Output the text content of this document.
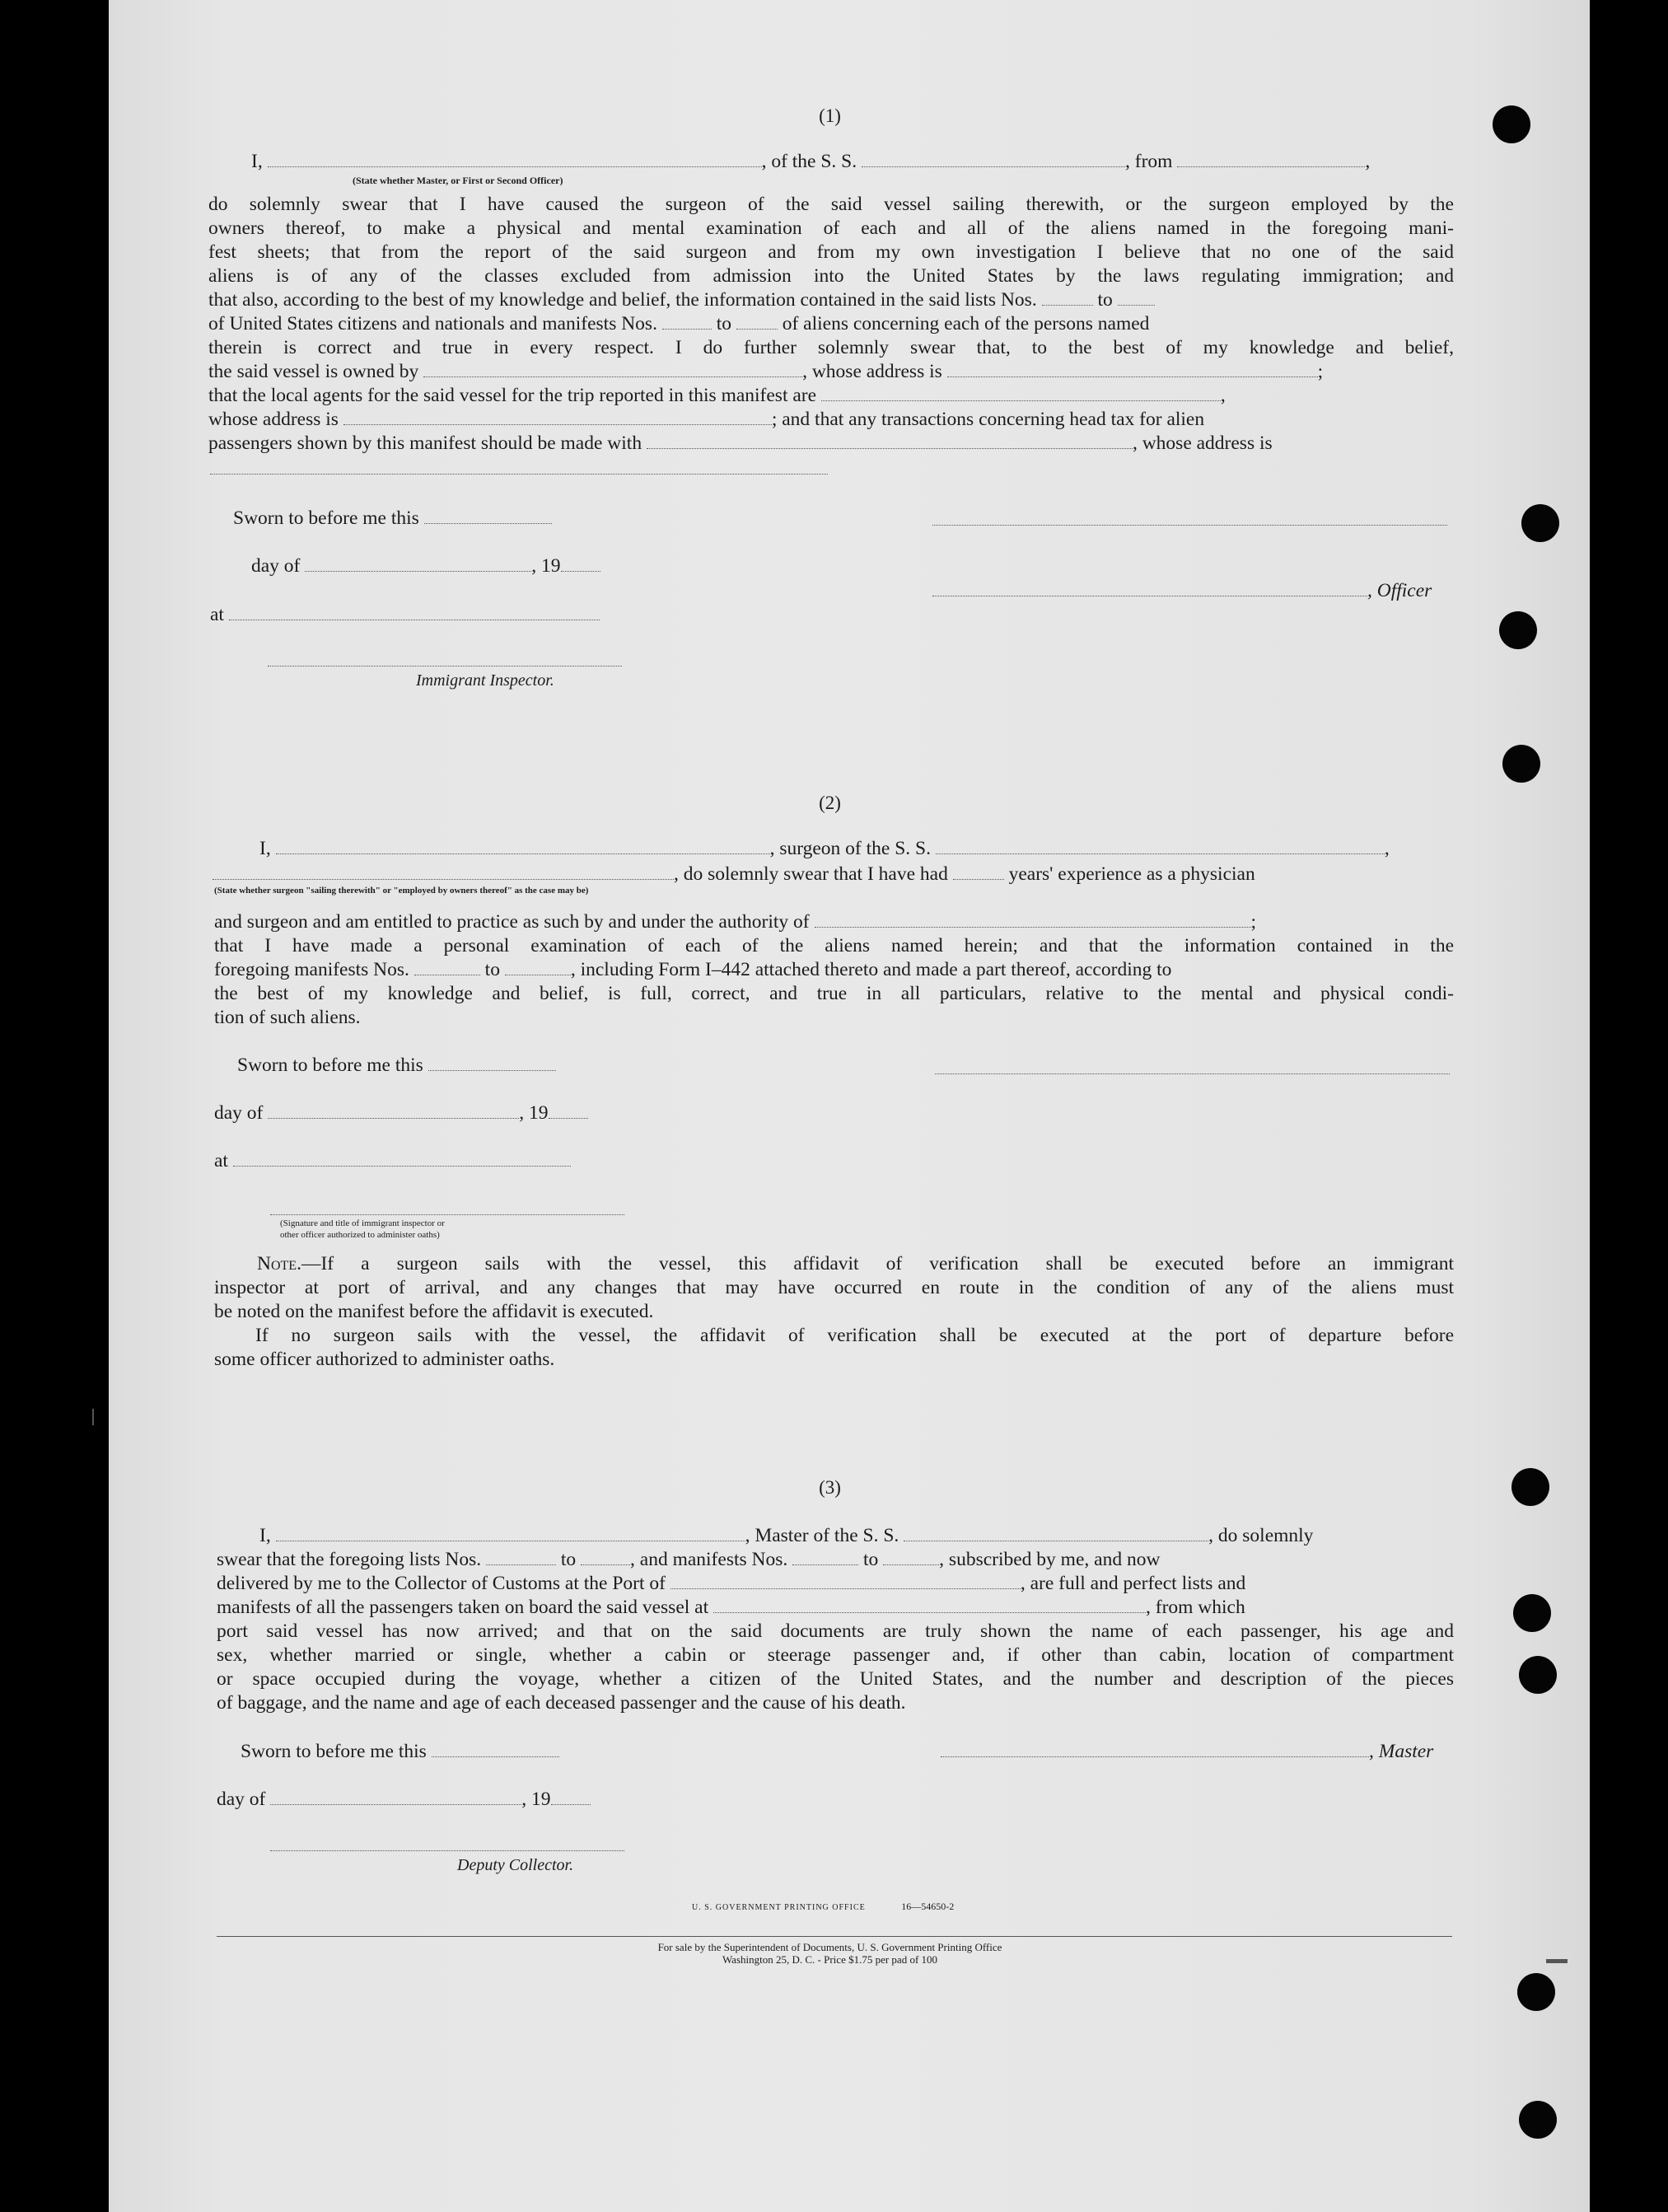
(1)
I,	, of the S. S.	, from	,
(State whether Master, or First or Second Officer)
do solemnly swear that I have caused the surgeon of the said vessel sailing therewith, or the surgeon employed by the
owners thereof, to make a physical and mental examination of each and all of the aliens named in the foregoing mani-
fest sheets; that from the report of the said surgeon and from my own investigation I believe that no one of the said
aliens is of any of the classes excluded from admission into the United States by the laws regulating immigration; and
that also, according to the best of my knowledge and belief, the information contained in the said lists Nos.	to
of United States citizens and nationals and manifests Nos.	to	of aliens concerning each of the persons named
therein is correct and true in every respect. I do further solemnly swear that, to the best of my knowledge and belief,
the said vessel is owned by	, whose address is	;
that the local agents for the said vessel for the trip reported in this manifest are	,
whose address is	; and that any transactions concerning head tax for alien
passengers shown by this manifest should be made with	, whose address is
Sworn to before me this
day of	, 19
, Officer
at
Immigrant Inspector.
(2)
I,	, surgeon of the S. S.	,
, do solemnly swear that I have had	years' experience as a physician
(State whether surgeon "sailing therewith" or "employed by owners thereof" as the case may be)
and surgeon and am entitled to practice as such by and under the authority of	;
that I have made a personal examination of each of the aliens named herein; and that the information contained in the
foregoing manifests Nos.	to	, including Form I–442 attached thereto and made a part thereof, according to
the best of my knowledge and belief, is full, correct, and true in all particulars, relative to the mental and physical condi-
tion of such aliens.
Sworn to before me this
day of	, 19
at
(Signature and title of immigrant inspector or
other officer authorized to administer oaths)
Note.—If a surgeon sails with the vessel, this affidavit of verification shall be executed before an immigrant
inspector at port of arrival, and any changes that may have occurred en route in the condition of any of the aliens must
be noted on the manifest before the affidavit is executed.
If no surgeon sails with the vessel, the affidavit of verification shall be executed at the port of departure before
some officer authorized to administer oaths.
(3)
I,	, Master of the S. S.	, do solemnly
swear that the foregoing lists Nos.	to	, and manifests Nos.	to	, subscribed by me, and now
delivered by me to the Collector of Customs at the Port of	, are full and perfect lists and
manifests of all the passengers taken on board the said vessel at	, from which
port said vessel has now arrived; and that on the said documents are truly shown the name of each passenger, his age and
sex, whether married or single, whether a cabin or steerage passenger and, if other than cabin, location of compartment
or space occupied during the voyage, whether a citizen of the United States, and the number and description of the pieces
of baggage, and the name and age of each deceased passenger and the cause of his death.
Sworn to before me this	, Master
day of	, 19
Deputy Collector.
U. S. GOVERNMENT PRINTING OFFICE	16—54650-2
For sale by the Superintendent of Documents, U. S. Government Printing Office
Washington 25, D. C. - Price $1.75 per pad of 100
